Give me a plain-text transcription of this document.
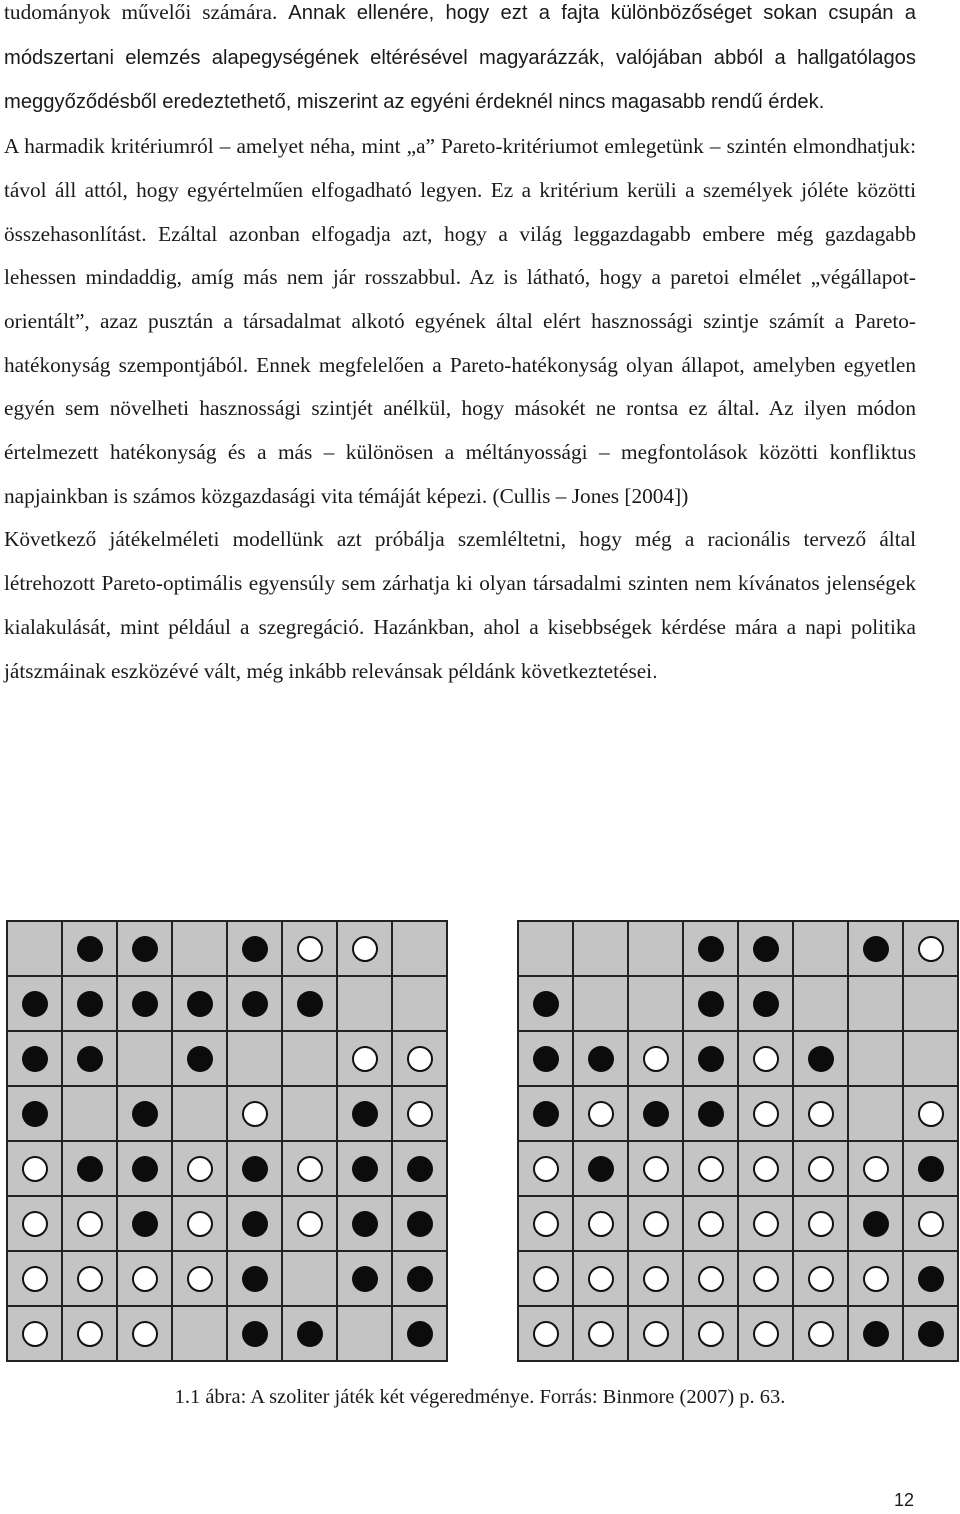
tudományok művelői számára. Annak ellenére, hogy ezt a fajta különbözőséget sokan csupán a módszertani elemzés alapegységének eltérésével magyarázzák, valójában abból a hallgatólagos meggyőződésből eredeztethető, miszerint az egyéni érdeknél nincs magasabb rendű érdek.

A harmadik kritériumról – amelyet néha, mint „a” Pareto-kritériumot emlegetünk – szintén elmondhatjuk: távol áll attól, hogy egyértelműen elfogadható legyen. Ez a kritérium kerüli a személyek jóléte közötti összehasonlítást. Ezáltal azonban elfogadja azt, hogy a világ leggazdagabb embere még gazdagabb lehessen mindaddig, amíg más nem jár rosszabbul. Az is látható, hogy a paretoi elmélet „végállapot-orientált”, azaz pusztán a társadalmat alkotó egyének által elért hasznossági szintje számít a Pareto-hatékonyság szempontjából. Ennek megfelelően a Pareto-hatékonyság olyan állapot, amelyben egyetlen egyén sem növelheti hasznossági szintjét anélkül, hogy másokét ne rontsa ez által. Az ilyen módon értelmezett hatékonyság és a más – különösen a méltányossági – megfontolások közötti konfliktus napjainkban is számos közgazdasági vita témáját képezi. (Cullis – Jones [2004])

Következő játékelméleti modellünk azt próbálja szemléltetni, hogy még a racionális tervező által létrehozott Pareto-optimális egyensúly sem zárhatja ki olyan társadalmi szinten nem kívánatos jelenségek kialakulását, mint például a szegregáció. Hazánkban, ahol a kisebbségek kérdése mára a napi politika játszmáinak eszközévé vált, még inkább relevánsak példánk következtetései.

1.1 ábra: A szoliter játék két végeredménye. Forrás: Binmore (2007) p. 63.
12
